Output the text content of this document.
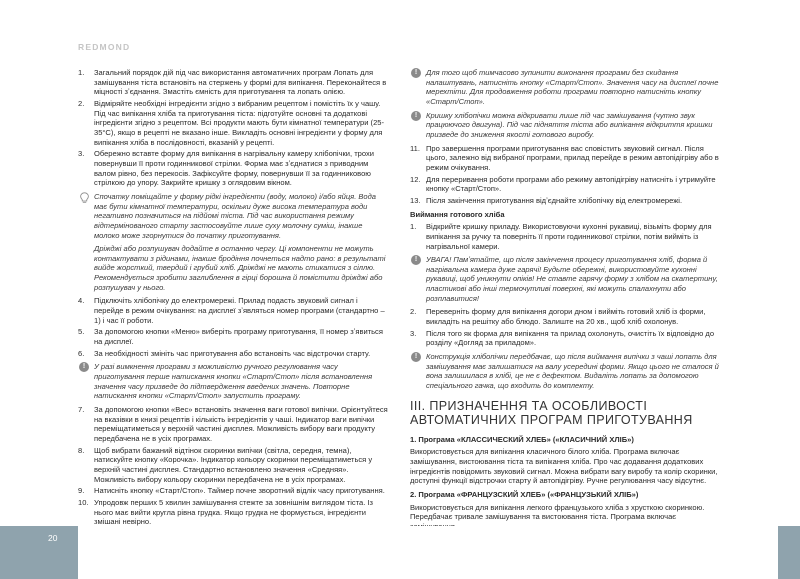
REDMOND
1. Загальний порядок дій під час використання автоматичних програм Лопать для замішування тіста встановіть на стержень у формі для випікання. Переконайтеся в міцності зʼєднання. Змастіть ємність для приготування та лопать олією.
2. Відміряйте необхідні інгредієнти згідно з вибраним рецептом і помістіть їх у чашу. Під час випікання хліба та приготування тіста: підготуйте основні та додаткові інгредієнти згідно з рецептом. Всі продукти мають бути кімнатної температури (25-35°C), якщо в рецепті не вказано інше. Викладіть основні інгредієнти у форму для випікання хліба в послідовності, вказаній у рецепті.
3. Обережно вставте форму для випікання в нагрівальну камеру хлібопічки, трохи повернувши її проти годинникової стрілки. Форма має зʼєднатися з приводним валом рівно, без перекосів. Зафіксуйте форму, повернувши її за годинниковою стрілкою до упору. Закрийте кришку з оглядовим вікном.

Спочатку поміщайте у форму рідкі інгредієнти (воду, молоко) і/або яйця. Вода має бути кімнатної температури, оскільки дуже висока температура води негативно позначиться на підйомі тіста. Під час використання режиму відтермінованого старту застосовуйте лише суху молочну суміш, інакше молоко може згорнутися до початку приготування.

Дріжджі або розпушувач додайте в останню чергу. Ці компоненти не можуть контактувати з рідинами, інакше бродіння почнеться надто рано: в результаті вийде жорсткий, твердий і грубий хліб. Дріжджі не мають стикатися з сіллю. Рекомендується зробити заглиблення в гірці борошна й помістити дріжджі або розпушувач у нього.

4. Підключіть хлібопічку до електромережі. Прилад подасть звуковий сигнал і перейде в режим очікування: на дисплеї зʼявляться номер програми (стандартно – 1) і час її роботи.
5. За допомогою кнопки «Меню» виберіть програму приготування, її номер зʼявиться на дисплеї.
6. За необхідності змініть час приготування або встановіть час відстрочки старту.
!	У разі вимкнення програми з можливістю ручного регулювання часу приготування перше натискання кнопки «Старт/Стоп» після встановлення значення часу призведе до підтвердження введених значень. Повторне натискання кнопки «Старт/Стоп» запустить програму.

7. За допомогою кнопки «Вес» встановіть значення ваги готової випічки. Орієнтуйтеся на вказівки в книзі рецептів і кількість інгредієнтів у чаші. Індикатор ваги випічки переміщатиметься у верхній частині дисплея. Можливість вибору ваги продукту передбачена не в усіх програмах.
8. Щоб вибрати бажаний відтінок скоринки випічки (світла, середня, темна), натискуйте кнопку «Корочка». Індикатор кольору скоринки переміщатиметься у верхній частині дисплея. Стандартно встановлено значення «Средняя». Можливість вибору кольору скоринки передбачена не в усіх програмах.
9. Натисніть кнопку «Старт/Стоп». Таймер почне зворотний відлік часу приготування.
10. Упродовж перших 5 хвилин замішування стежте за зовнішнім виглядом тіста. Із нього має вийти кругла рівна грудка. Якщо грудка не формується, інгредієнти змішані невірно.
!	Для того щоб тимчасово зупинити виконання програми без скидання налаштувань, натисніть кнопку «Старт/Стоп». Значення часу на дисплеї почне мерехтіти. Для продовження роботи програми повторно натисніть кнопку «Старт/Стоп».

!	Кришку хлібопічки можна відкривати лише під час замішування (чутно звук працюючого двигуна). Під час підняття тіста або випікання відкриття кришки призведе до зниження якості готового виробу.

11. Про завершення програми приготування вас сповістить звуковий сигнал. Після цього, залежно від вибраної програми, прилад перейде в режим автопідігріву або в режим очікування.
12. Для переривання роботи програми або режиму автопідігріву натисніть і утримуйте кнопку «Старт/Стоп».
13. Після закінчення приготування відʼєднайте хлібопічку від електромережі.
Виймання готового хліба
1. Відкрийте кришку приладу. Використовуючи кухонні рукавиці, візьміть форму для випікання за ручку та поверніть її проти годинникової стрілки, потім вийміть із нагрівальної камери.
!	УВАГА! Памʼятайте, що після закінчення процесу приготування хліб, форма й нагрівальна камера дуже гарячі! Будьте обережні, використовуйте кухонні рукавиці, щоб уникнути опіків! Не ставте гарячу форму з хлібом на скатертину, пластикові або інші термочутливі поверхні, які можуть спалахнути або розплавитися!

2. Переверніть форму для випікання догори дном і вийміть готовий хліб із форми, викладіть на решітку або блюдо. Залиште на 20 хв., щоб хліб охолонув.
3. Після того як форма для випікання та прилад охолонуть, очистіть їх відповідно до розділу «Догляд за приладом».
!	Конструкція хлібопічки передбачає, що після виймання випічки з чаші лопать для замішування має залишатися на валу усередині форми. Якщо цього не сталося й вона залишилася в хлібі, це не є дефектом. Видаліть лопать за допомогою спеціального гачка, що входить до комплекту.

III. ПРИЗНАЧЕННЯ ТА ОСОБЛИВОСТІ АВТОМАТИЧНИХ ПРОГРАМ ПРИГОТУВАННЯ
1. Програма «КЛАССИЧЕСКИЙ ХЛЕБ» («КЛАСИЧНИЙ ХЛІБ»)
Використовується для випікання класичного білого хліба. Програма включає замішування, вистоювання тіста та випікання хліба. Про час додавання додаткових інгредієнтів повідомить звуковий сигнал. Можна вибрати вагу виробу та колір скоринки, доступні функції відстрочки старту й автопідігріву. Ручне регулювання часу відсутнє.
2. Програма «ФРАНЦУЗСКИЙ ХЛЕБ» («ФРАНЦУЗЬКИЙ ХЛІБ»)
Використовується для випікання легкого французького хліба з хрусткою скоринкою. Передбачає тривале замішування та вистоювання тіста. Програма включає
20
